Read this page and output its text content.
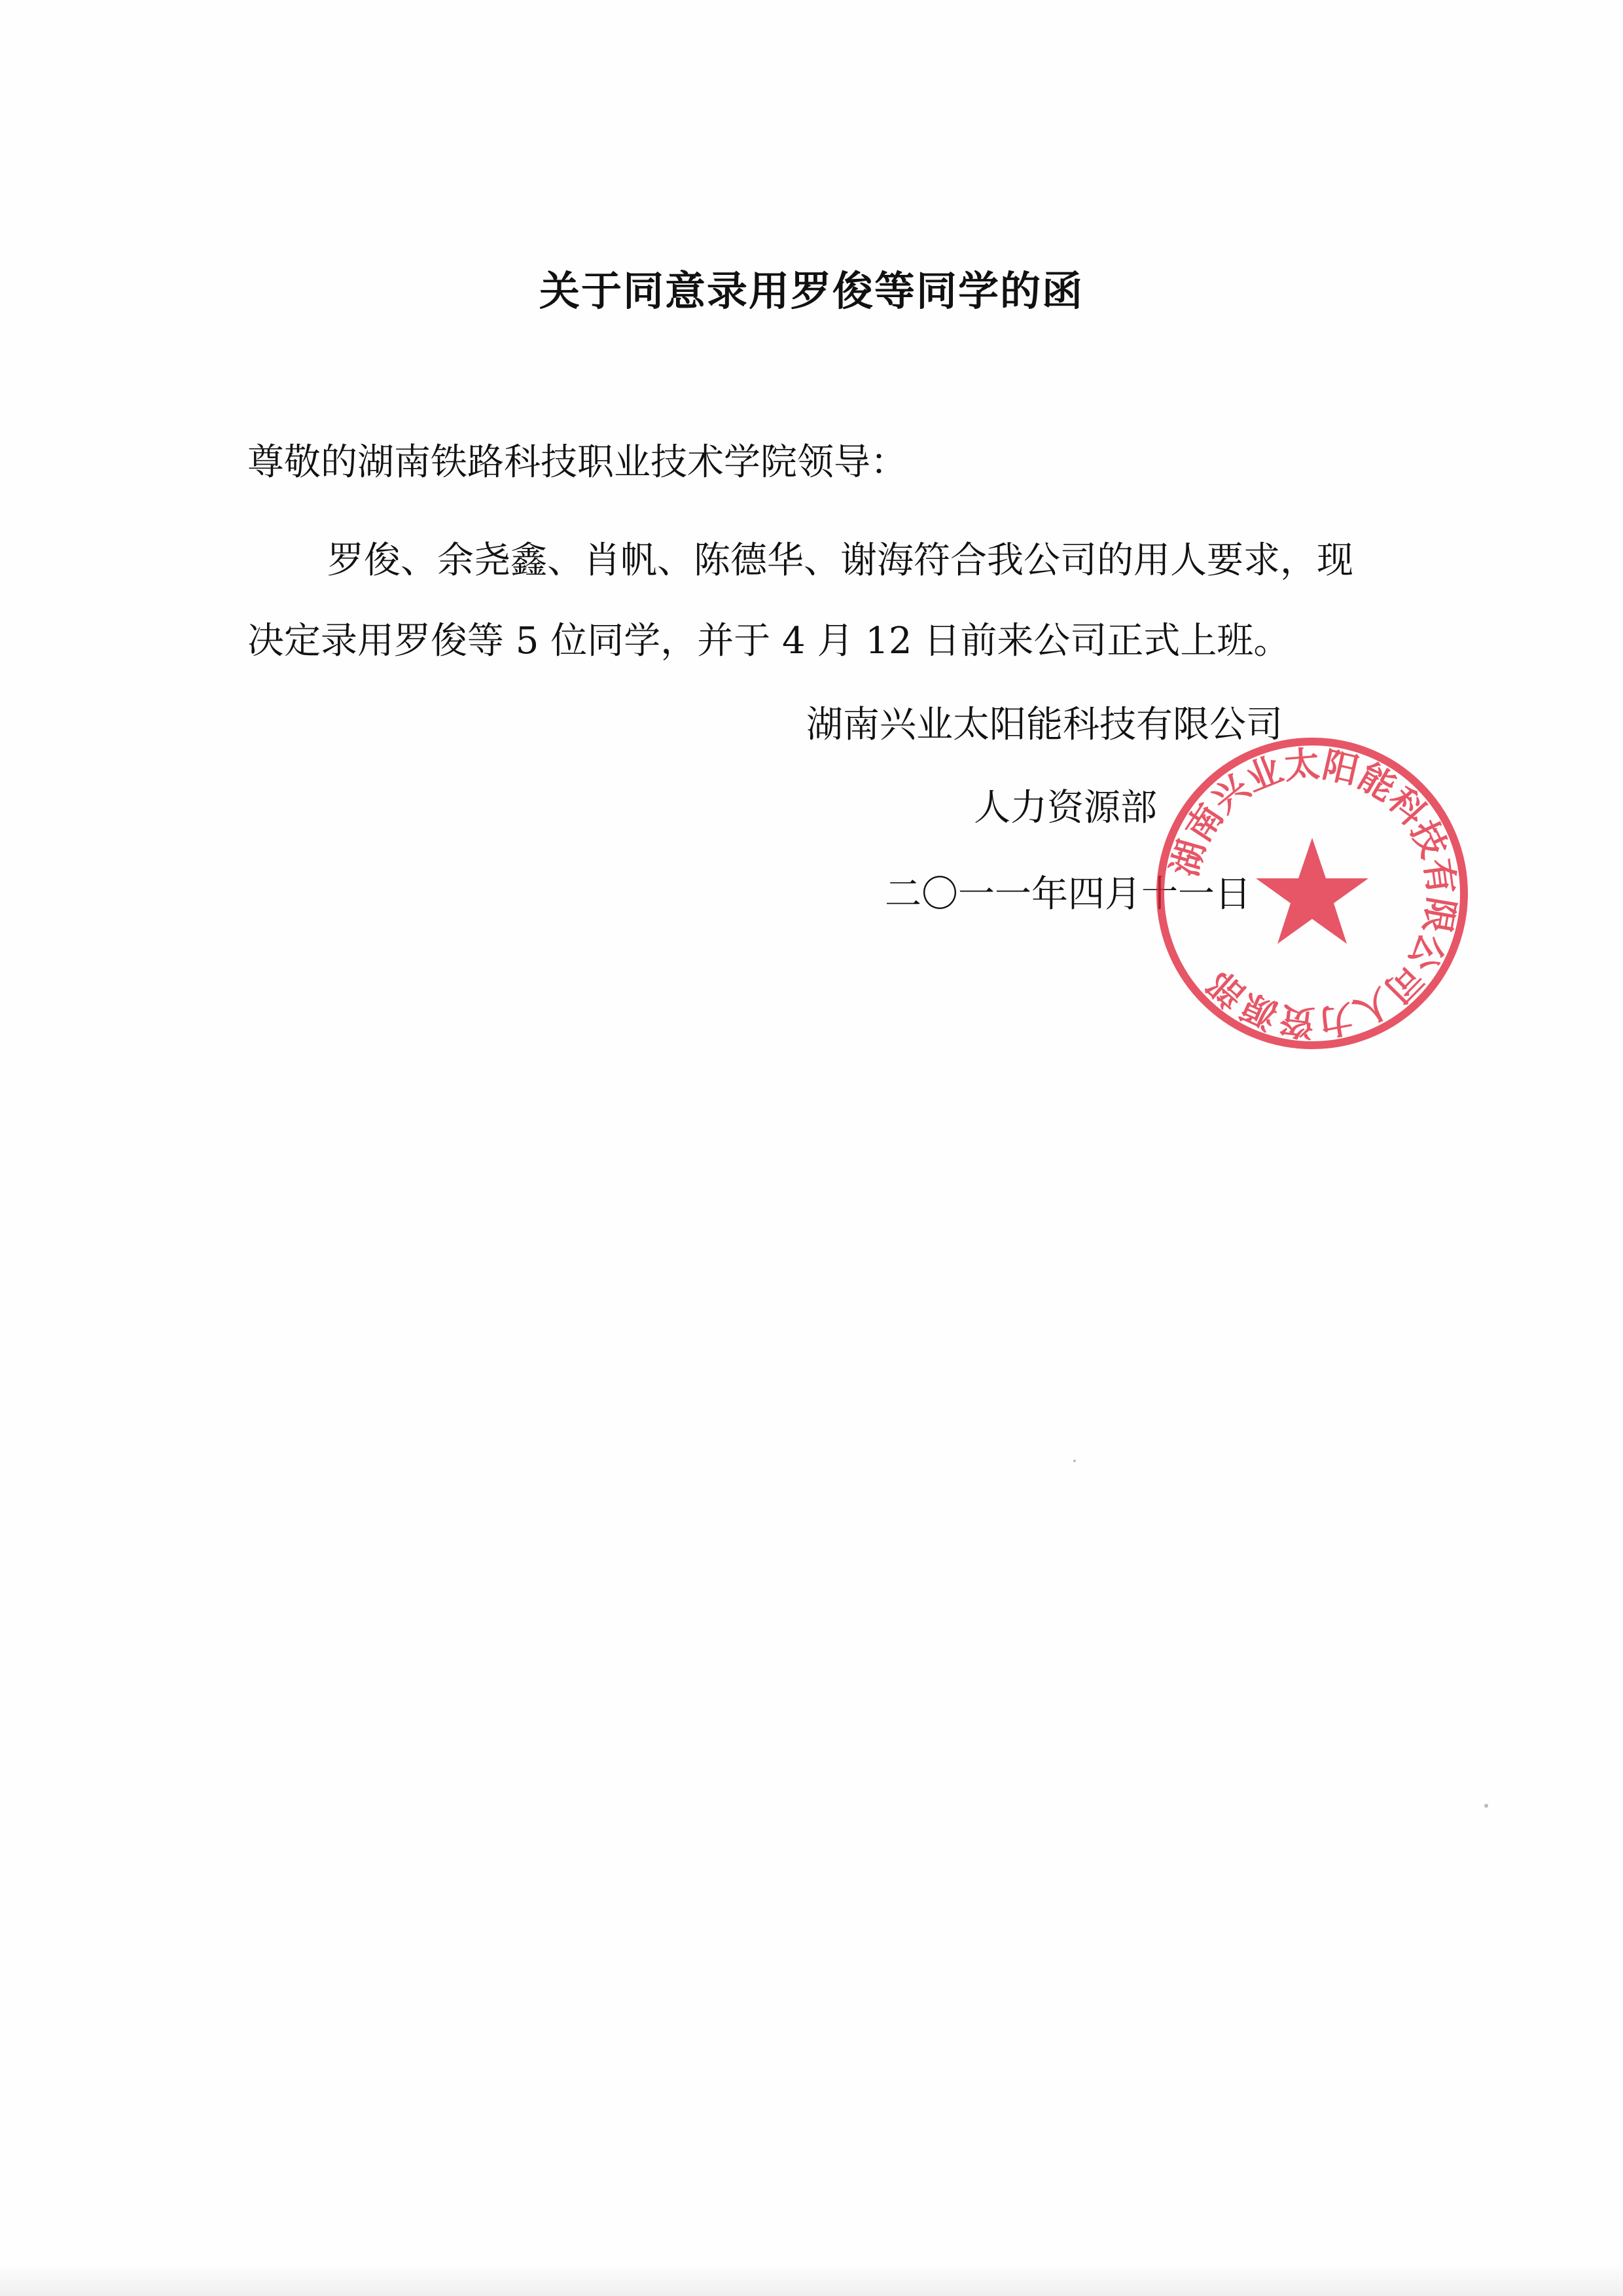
关于同意录用罗俊等同学的函
尊敬的湖南铁路科技职业技术学院领导：
罗俊、余尧鑫、肖帆、陈德华、谢海符合我公司的用人要求，现
决定录用罗俊等 5 位同学，并于 4 月 12 日前来公司正式上班。
湖南兴业太阳能科技有限公司
人力资源部
二〇一一年四月十一日
湖南兴业太阳能科技有限公司人力资源部
